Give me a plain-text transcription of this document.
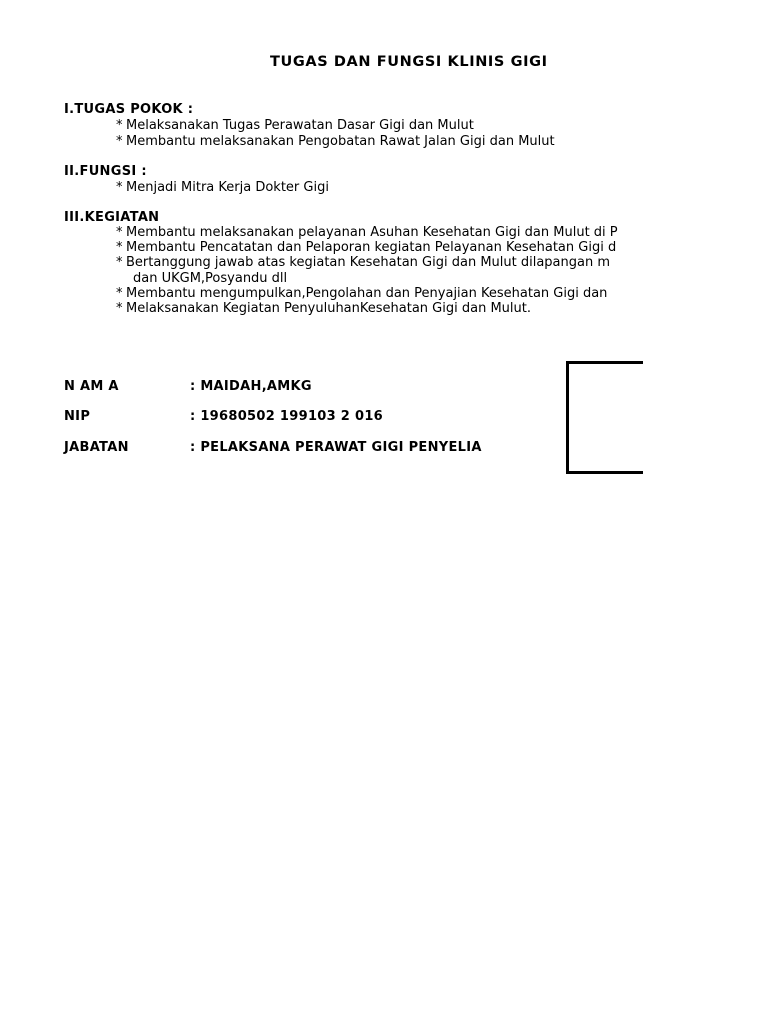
TUGAS DAN FUNGSI KLINIS GIGI
I.TUGAS POKOK :
* Melaksanakan Tugas Perawatan Dasar Gigi dan Mulut
* Membantu melaksanakan Pengobatan Rawat Jalan Gigi dan Mulut
II.FUNGSI :
* Menjadi Mitra Kerja Dokter Gigi
III.KEGIATAN
* Membantu melaksanakan pelayanan Asuhan Kesehatan Gigi dan Mulut di P
* Membantu Pencatatan dan Pelaporan kegiatan Pelayanan Kesehatan Gigi d
* Bertanggung jawab atas kegiatan Kesehatan Gigi dan Mulut dilapangan m
dan UKGM,Posyandu dll
* Membantu mengumpulkan,Pengolahan dan Penyajian Kesehatan Gigi dan
* Melaksanakan Kegiatan PenyuluhanKesehatan Gigi dan Mulut.
N AM A	: MAIDAH,AMKG
NIP	: 19680502 199103 2 016
JABATAN	: PELAKSANA PERAWAT GIGI PENYELIA
